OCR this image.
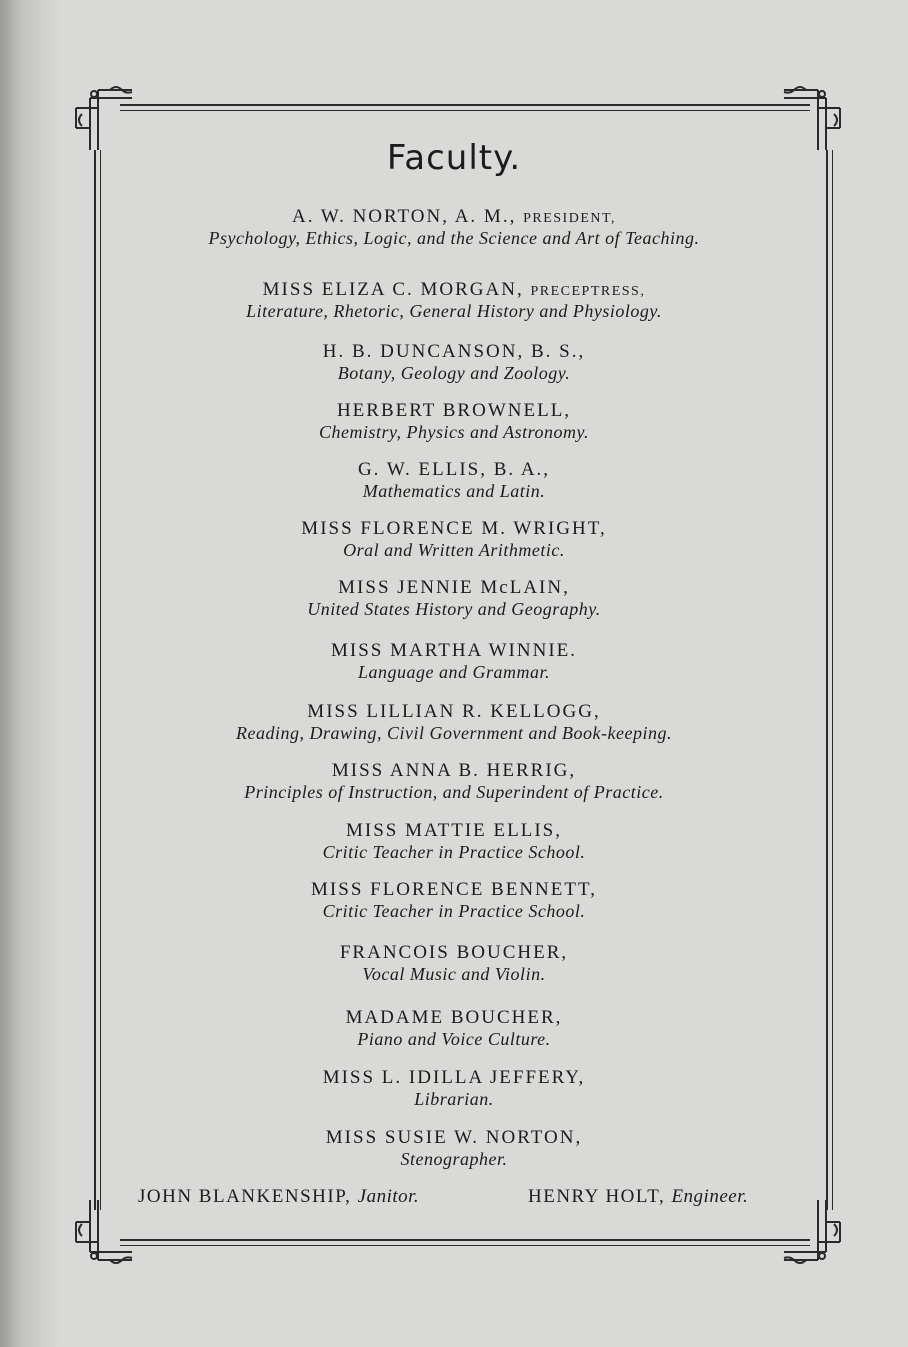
Faculty.
A. W. NORTON, A. M., PRESIDENT,
Psychology, Ethics, Logic, and the Science and Art of Teaching.
MISS ELIZA C. MORGAN, PRECEPTRESS,
Literature, Rhetoric, General History and Physiology.
H. B. DUNCANSON, B. S.,
Botany, Geology and Zoology.
HERBERT BROWNELL,
Chemistry, Physics and Astronomy.
G. W. ELLIS, B. A.,
Mathematics and Latin.
MISS FLORENCE M. WRIGHT,
Oral and Written Arithmetic.
MISS JENNIE McLAIN,
United States History and Geography.
MISS MARTHA WINNIE.
Language and Grammar.
MISS LILLIAN R. KELLOGG,
Reading, Drawing, Civil Government and Book-keeping.
MISS ANNA B. HERRIG,
Principles of Instruction, and Superindent of Practice.
MISS MATTIE ELLIS,
Critic Teacher in Practice School.
MISS FLORENCE BENNETT,
Critic Teacher in Practice School.
FRANCOIS BOUCHER,
Vocal Music and Violin.
MADAME BOUCHER,
Piano and Voice Culture.
MISS L. IDILLA JEFFERY,
Librarian.
MISS SUSIE W. NORTON,
Stenographer.
JOHN BLANKENSHIP, Janitor.	HENRY HOLT, Engineer.
